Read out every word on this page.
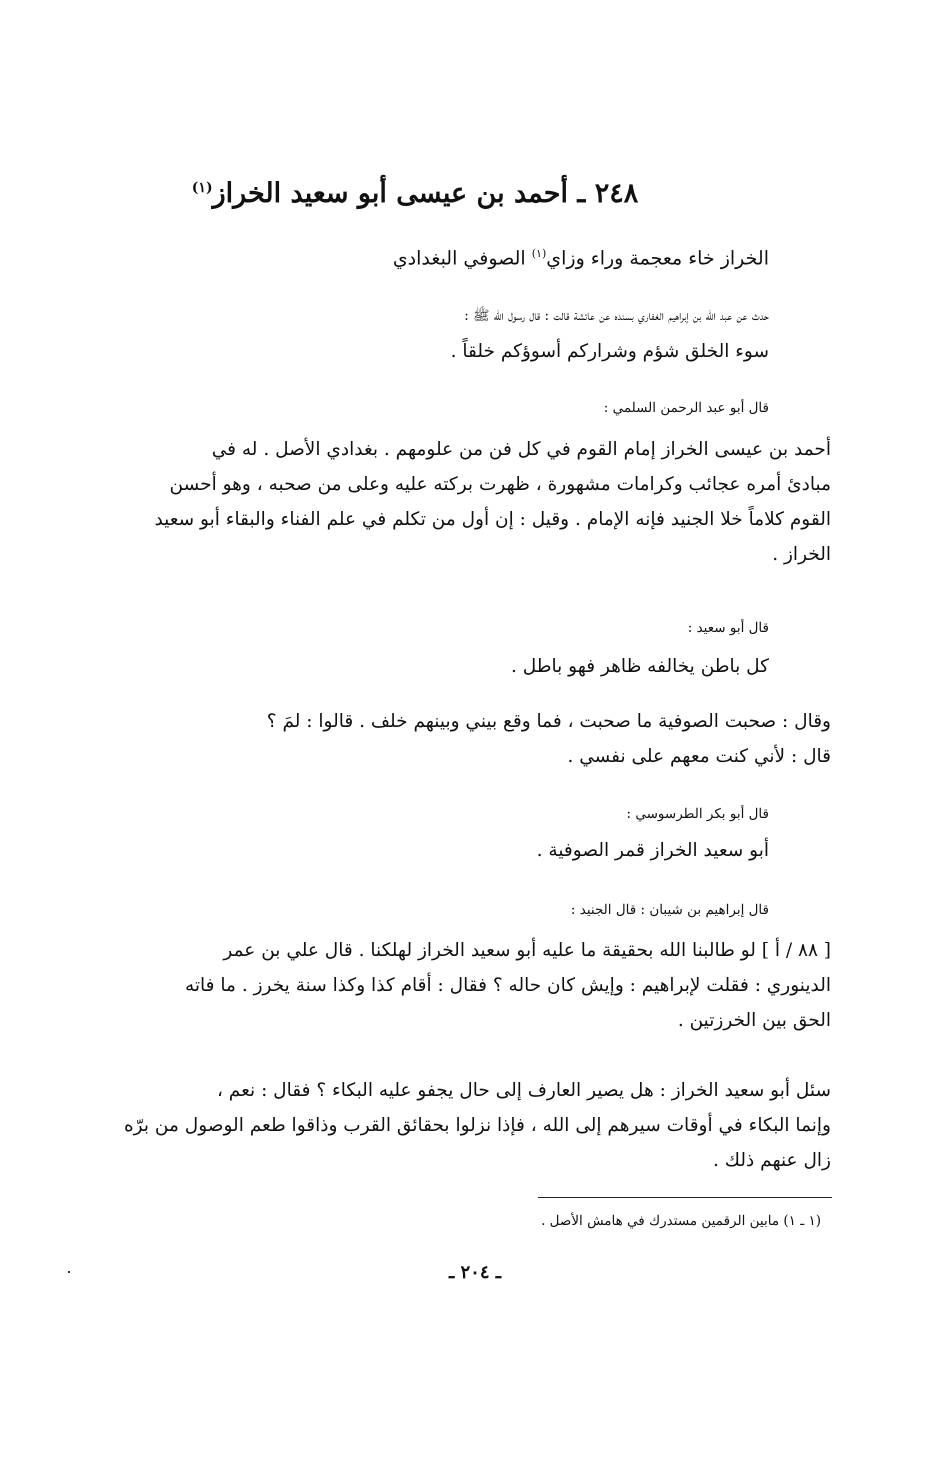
٢٤٨ ـ أحمد بن عيسى أبو سعيد الخراز$^{(١)}$
الخراز خاء معجمة وراء وزاي$^{(١)}$ الصوفي البغدادي
حدث عن عبد الله بن إبراهيم الغفاري بسنده عن عائشة قالت : قال رسول الله ﷺ :
سوء الخلق شؤم وشراركم أسوؤكم خلقاً .
قال أبو عبد الرحمن السلمي :
أحمد بن عيسى الخراز إمام القوم في كل فن من علومهم . بغدادي الأصل . له في
مبادئ أمره عجائب وكرامات مشهورة ، ظهرت بركته عليه وعلى من صحبه ، وهو أحسن
القوم كلاماً خلا الجنيد فإنه الإمام . وقيل : إن أول من تكلم في علم الفناء والبقاء أبو سعيد
الخراز .
قال أبو سعيد :
كل باطن يخالفه ظاهر فهو باطل .
وقال : صحبت الصوفية ما صحبت ، فما وقع بيني وبينهم خلف . قالوا : لمَ ؟
قال : لأني كنت معهم على نفسي .
قال أبو بكر الطرسوسي :
أبو سعيد الخراز قمر الصوفية .
قال إبراهيم بن شيبان : قال الجنيد :
[ ٨٨ / أ ] لو طالبنا الله بحقيقة ما عليه أبو سعيد الخراز لهلكنا . قال علي بن عمر
الدينوري : فقلت لإبراهيم : وإيش كان حاله ؟ فقال : أقام كذا وكذا سنة يخرز . ما فاته
الحق بين الخرزتين .
سئل أبو سعيد الخراز : هل يصير العارف إلى حال يجفو عليه البكاء ؟ فقال : نعم ،
وإنما البكاء في أوقات سيرهم إلى الله ، فإذا نزلوا بحقائق القرب وذاقوا طعم الوصول من برّه
زال عنهم ذلك .
(١ ـ ١) مابين الرقمين مستدرك في هامش الأصل .
ـ ٢٠٤ ـ
